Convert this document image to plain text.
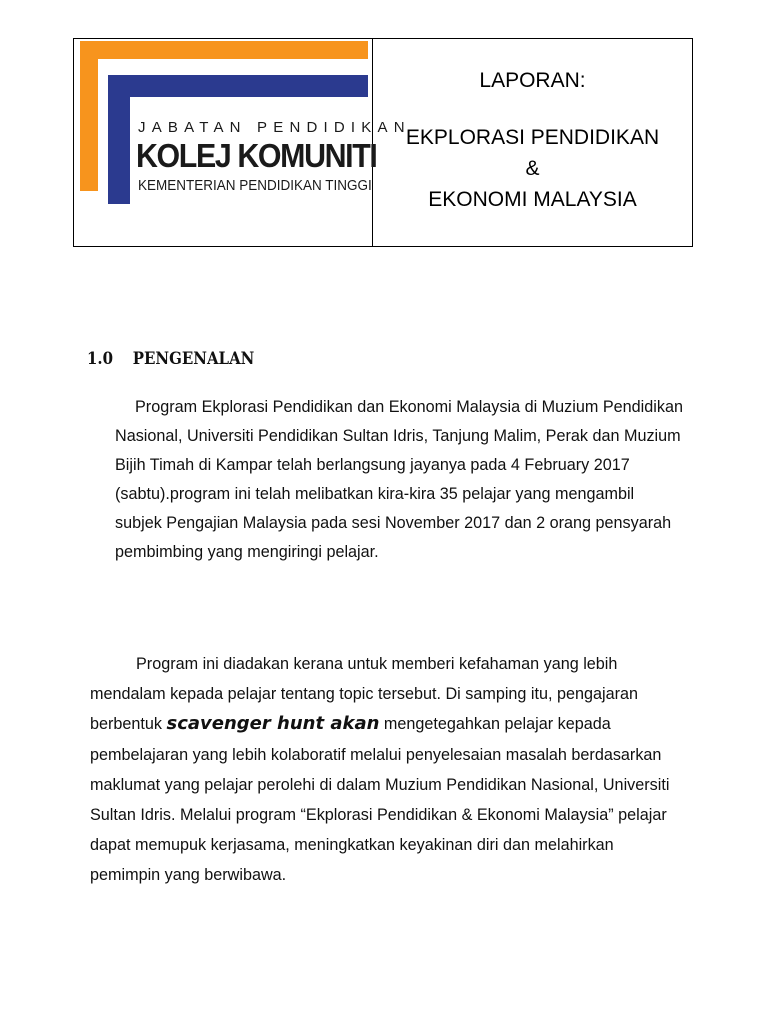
JABATAN PENDIDIKAN
KOLEJ KOMUNITI
KEMENTERIAN PENDIDIKAN TINGGI
LAPORAN:
EKPLORASI PENDIDIKAN
&
EKONOMI MALAYSIA
1.0 PENGENALAN

Program Ekplorasi Pendidikan dan Ekonomi Malaysia di Muzium Pendidikan Nasional, Universiti Pendidikan Sultan Idris, Tanjung Malim, Perak dan Muzium Bijih Timah di Kampar telah berlangsung jayanya pada 4 February 2017 (sabtu).program ini telah melibatkan kira-kira 35 pelajar yang mengambil subjek Pengajian Malaysia pada sesi November 2017 dan 2 orang pensyarah pembimbing yang mengiringi pelajar.

Program ini diadakan kerana untuk memberi kefahaman yang lebih mendalam kepada pelajar tentang topic tersebut. Di samping itu, pengajaran berbentuk scavenger hunt akan mengetegahkan pelajar kepada pembelajaran yang lebih kolaboratif melalui penyelesaian masalah berdasarkan maklumat yang pelajar perolehi di dalam Muzium Pendidikan Nasional, Universiti Sultan Idris. Melalui program “Ekplorasi Pendidikan & Ekonomi Malaysia” pelajar dapat memupuk kerjasama, meningkatkan keyakinan diri dan melahirkan pemimpin yang berwibawa.
